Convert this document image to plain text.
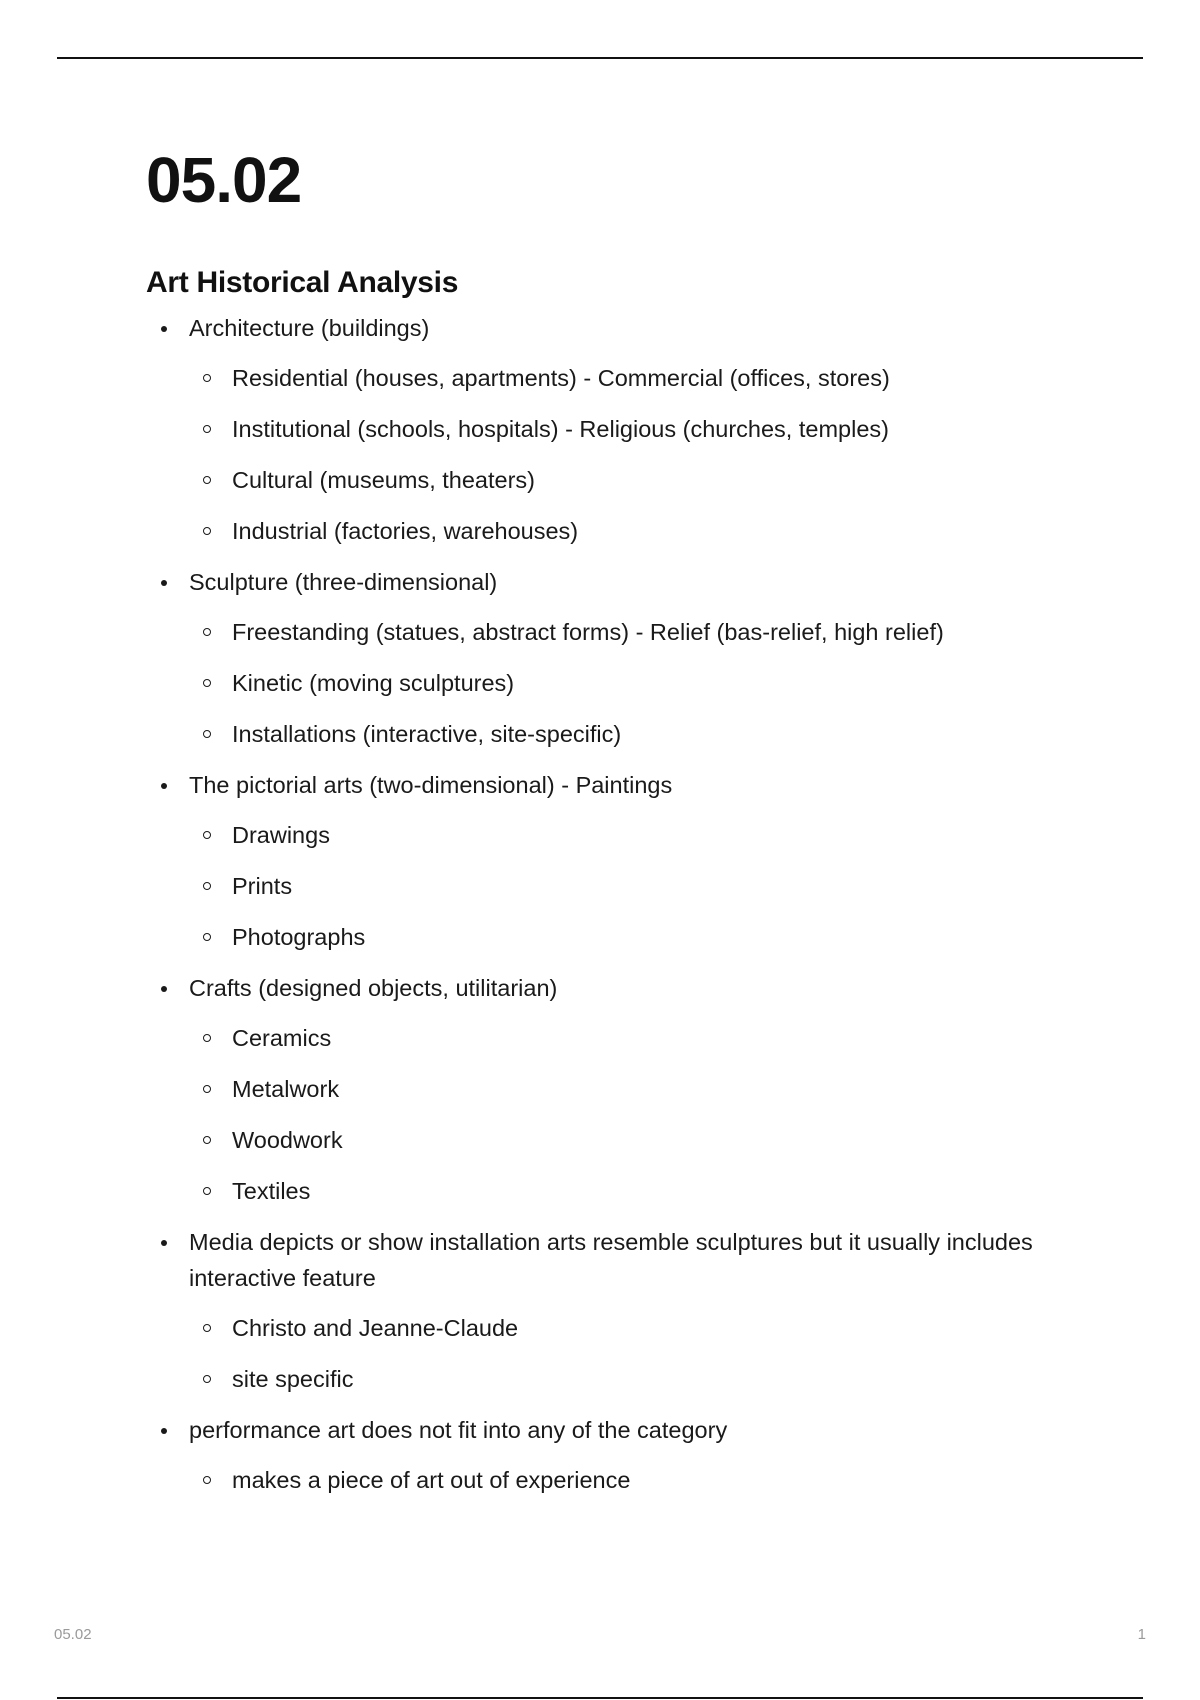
05.02
Art Historical Analysis
Architecture (buildings)
Residential (houses, apartments) - Commercial (offices, stores)
Institutional (schools, hospitals) - Religious (churches, temples)
Cultural (museums, theaters)
Industrial (factories, warehouses)
Sculpture (three-dimensional)
Freestanding (statues, abstract forms) - Relief (bas-relief, high relief)
Kinetic (moving sculptures)
Installations (interactive, site-specific)
The pictorial arts (two-dimensional) - Paintings
Drawings
Prints
Photographs
Crafts (designed objects, utilitarian)
Ceramics
Metalwork
Woodwork
Textiles
Media depicts or show installation arts resemble sculptures but it usually includes interactive feature
Christo and Jeanne-Claude
site specific
performance art does not fit into any of the category
makes a piece of art out of experience
05.02	1
